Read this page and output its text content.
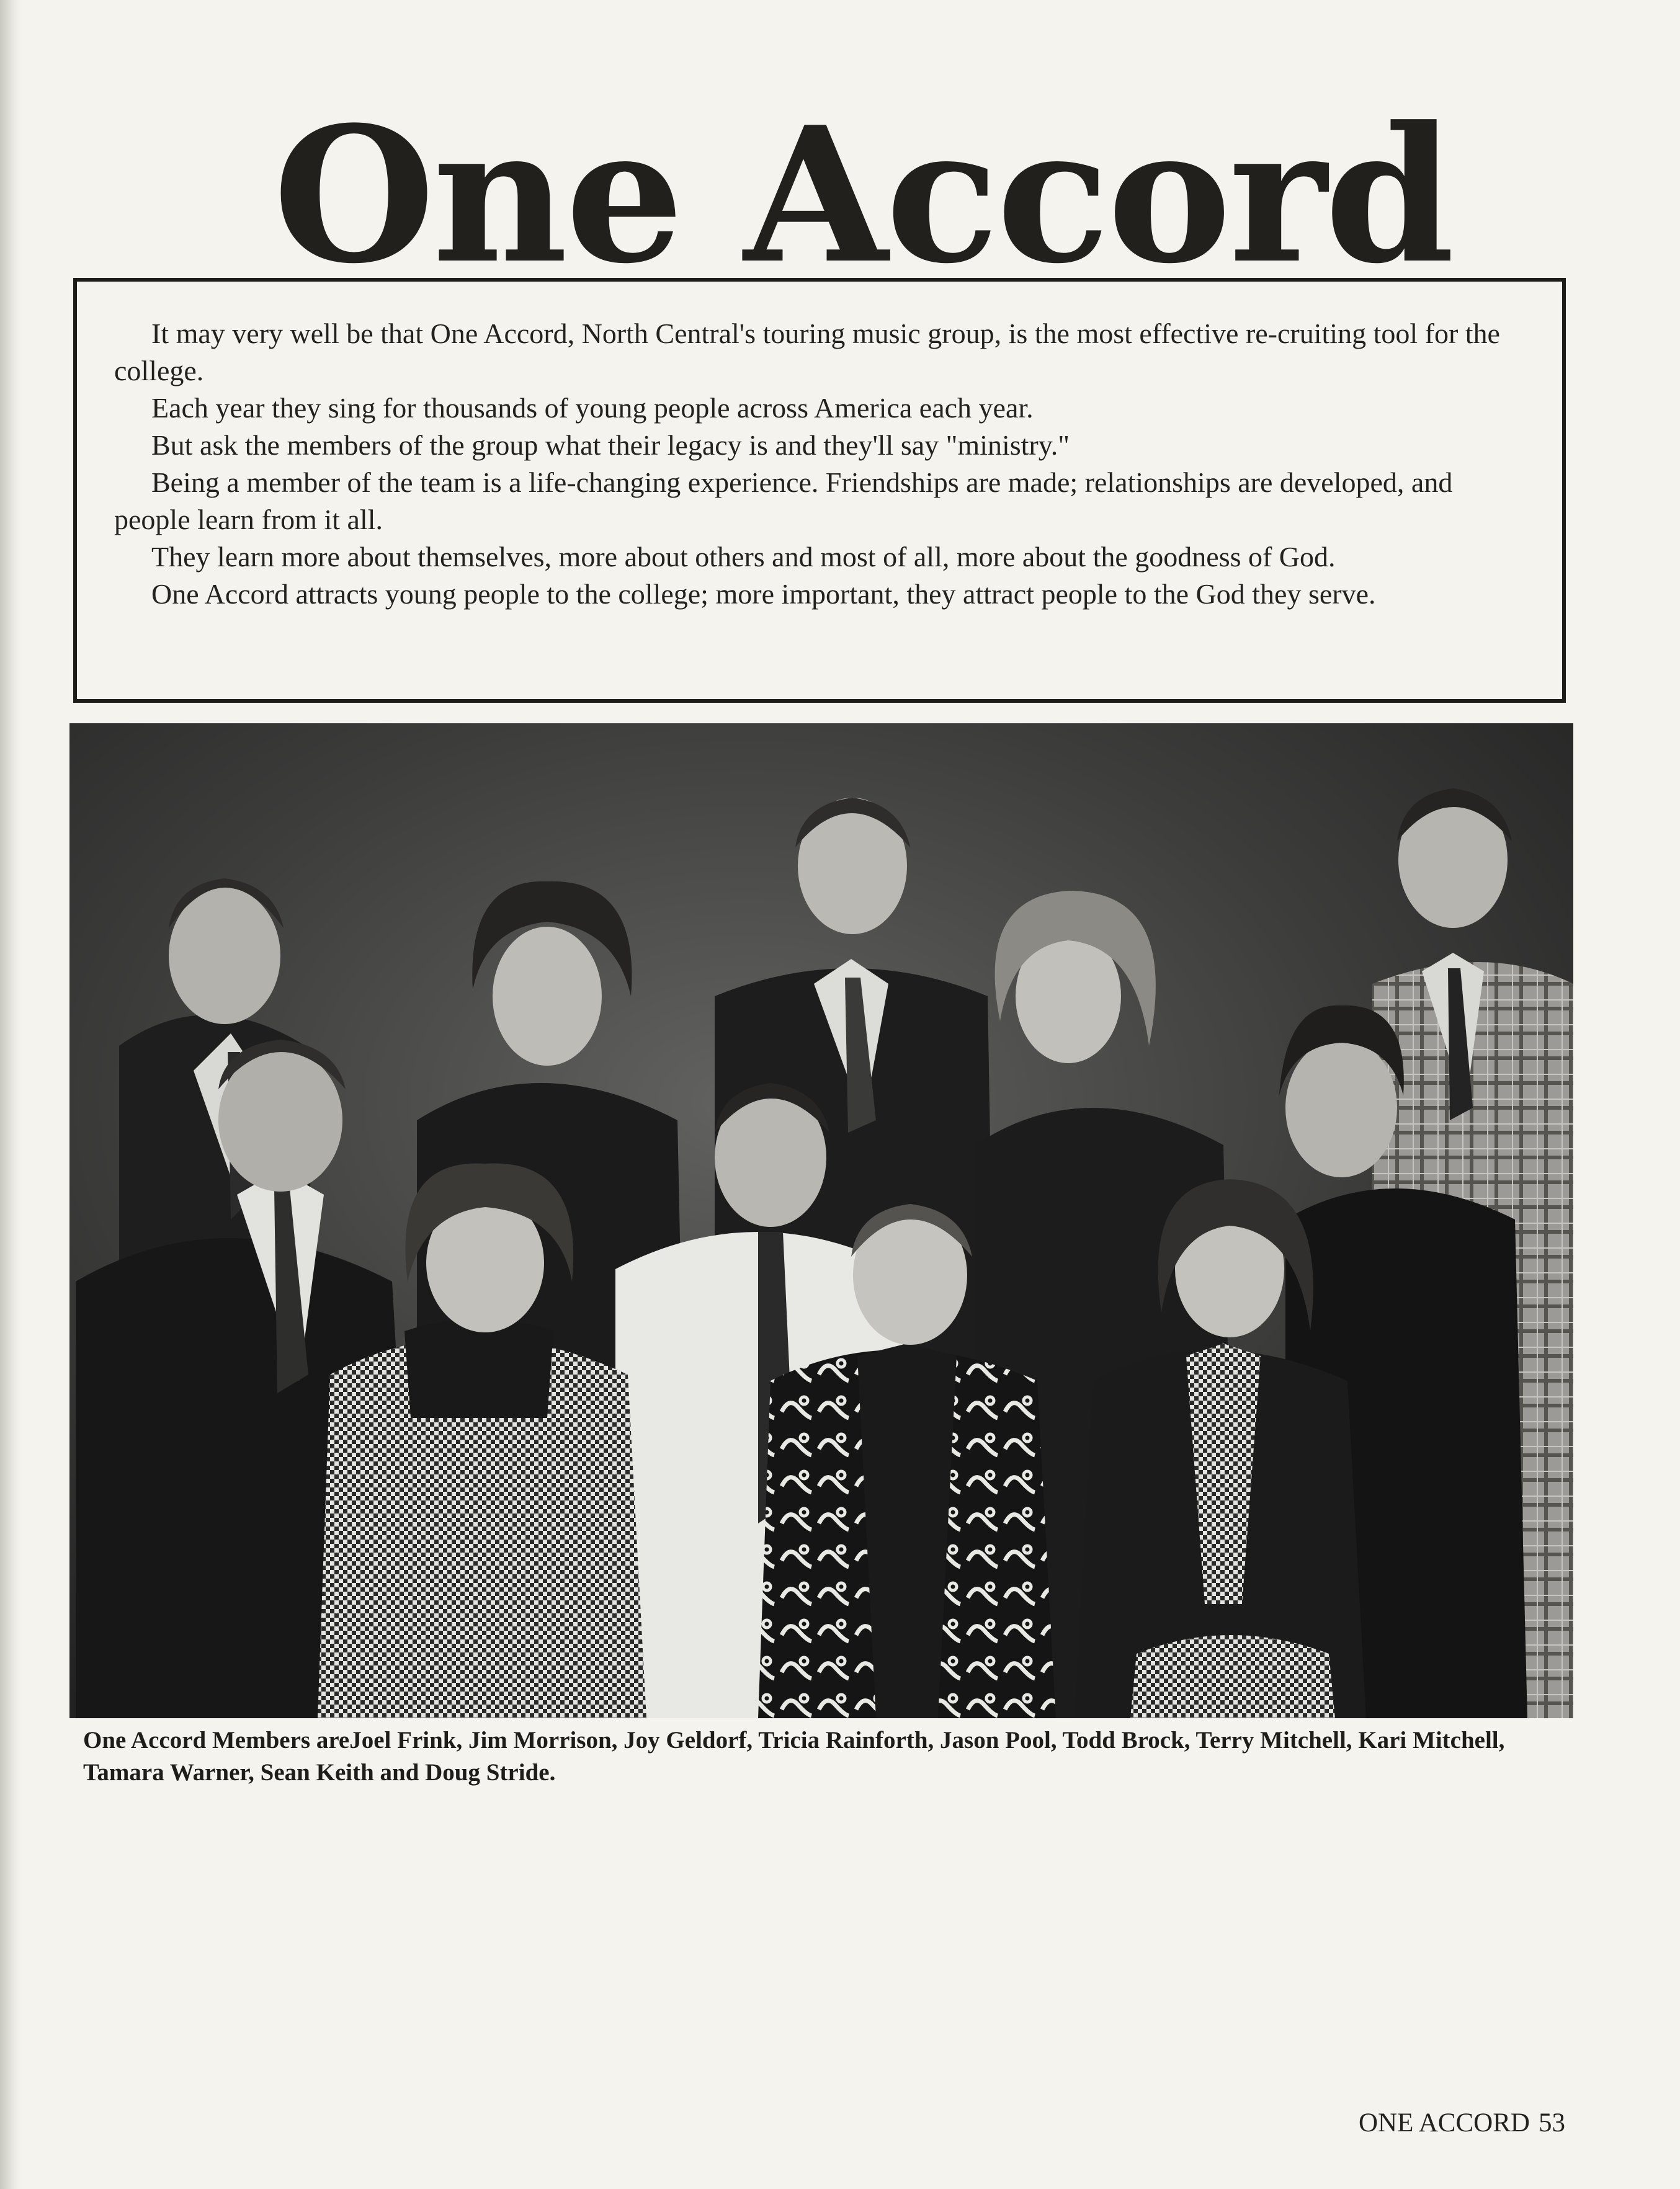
One Accord

It may very well be that One Accord, North Central's touring music group, is the most effective re-cruiting tool for the college.

Each year they sing for thousands of young people across America each year.

But ask the members of the group what their legacy is and they'll say "ministry."

Being a member of the team is a life-changing experience. Friendships are made; relationships are developed, and people learn from it all.

They learn more about themselves, more about others and most of all, more about the goodness of God.

One Accord attracts young people to the college; more important, they attract people to the God they serve.

One Accord Members areJoel Frink, Jim Morrison, Joy Geldorf, Tricia Rainforth, Jason Pool, Todd Brock, Terry Mitchell, Kari Mitchell, Tamara Warner, Sean Keith and Doug Stride.

ONE ACCORD 53
